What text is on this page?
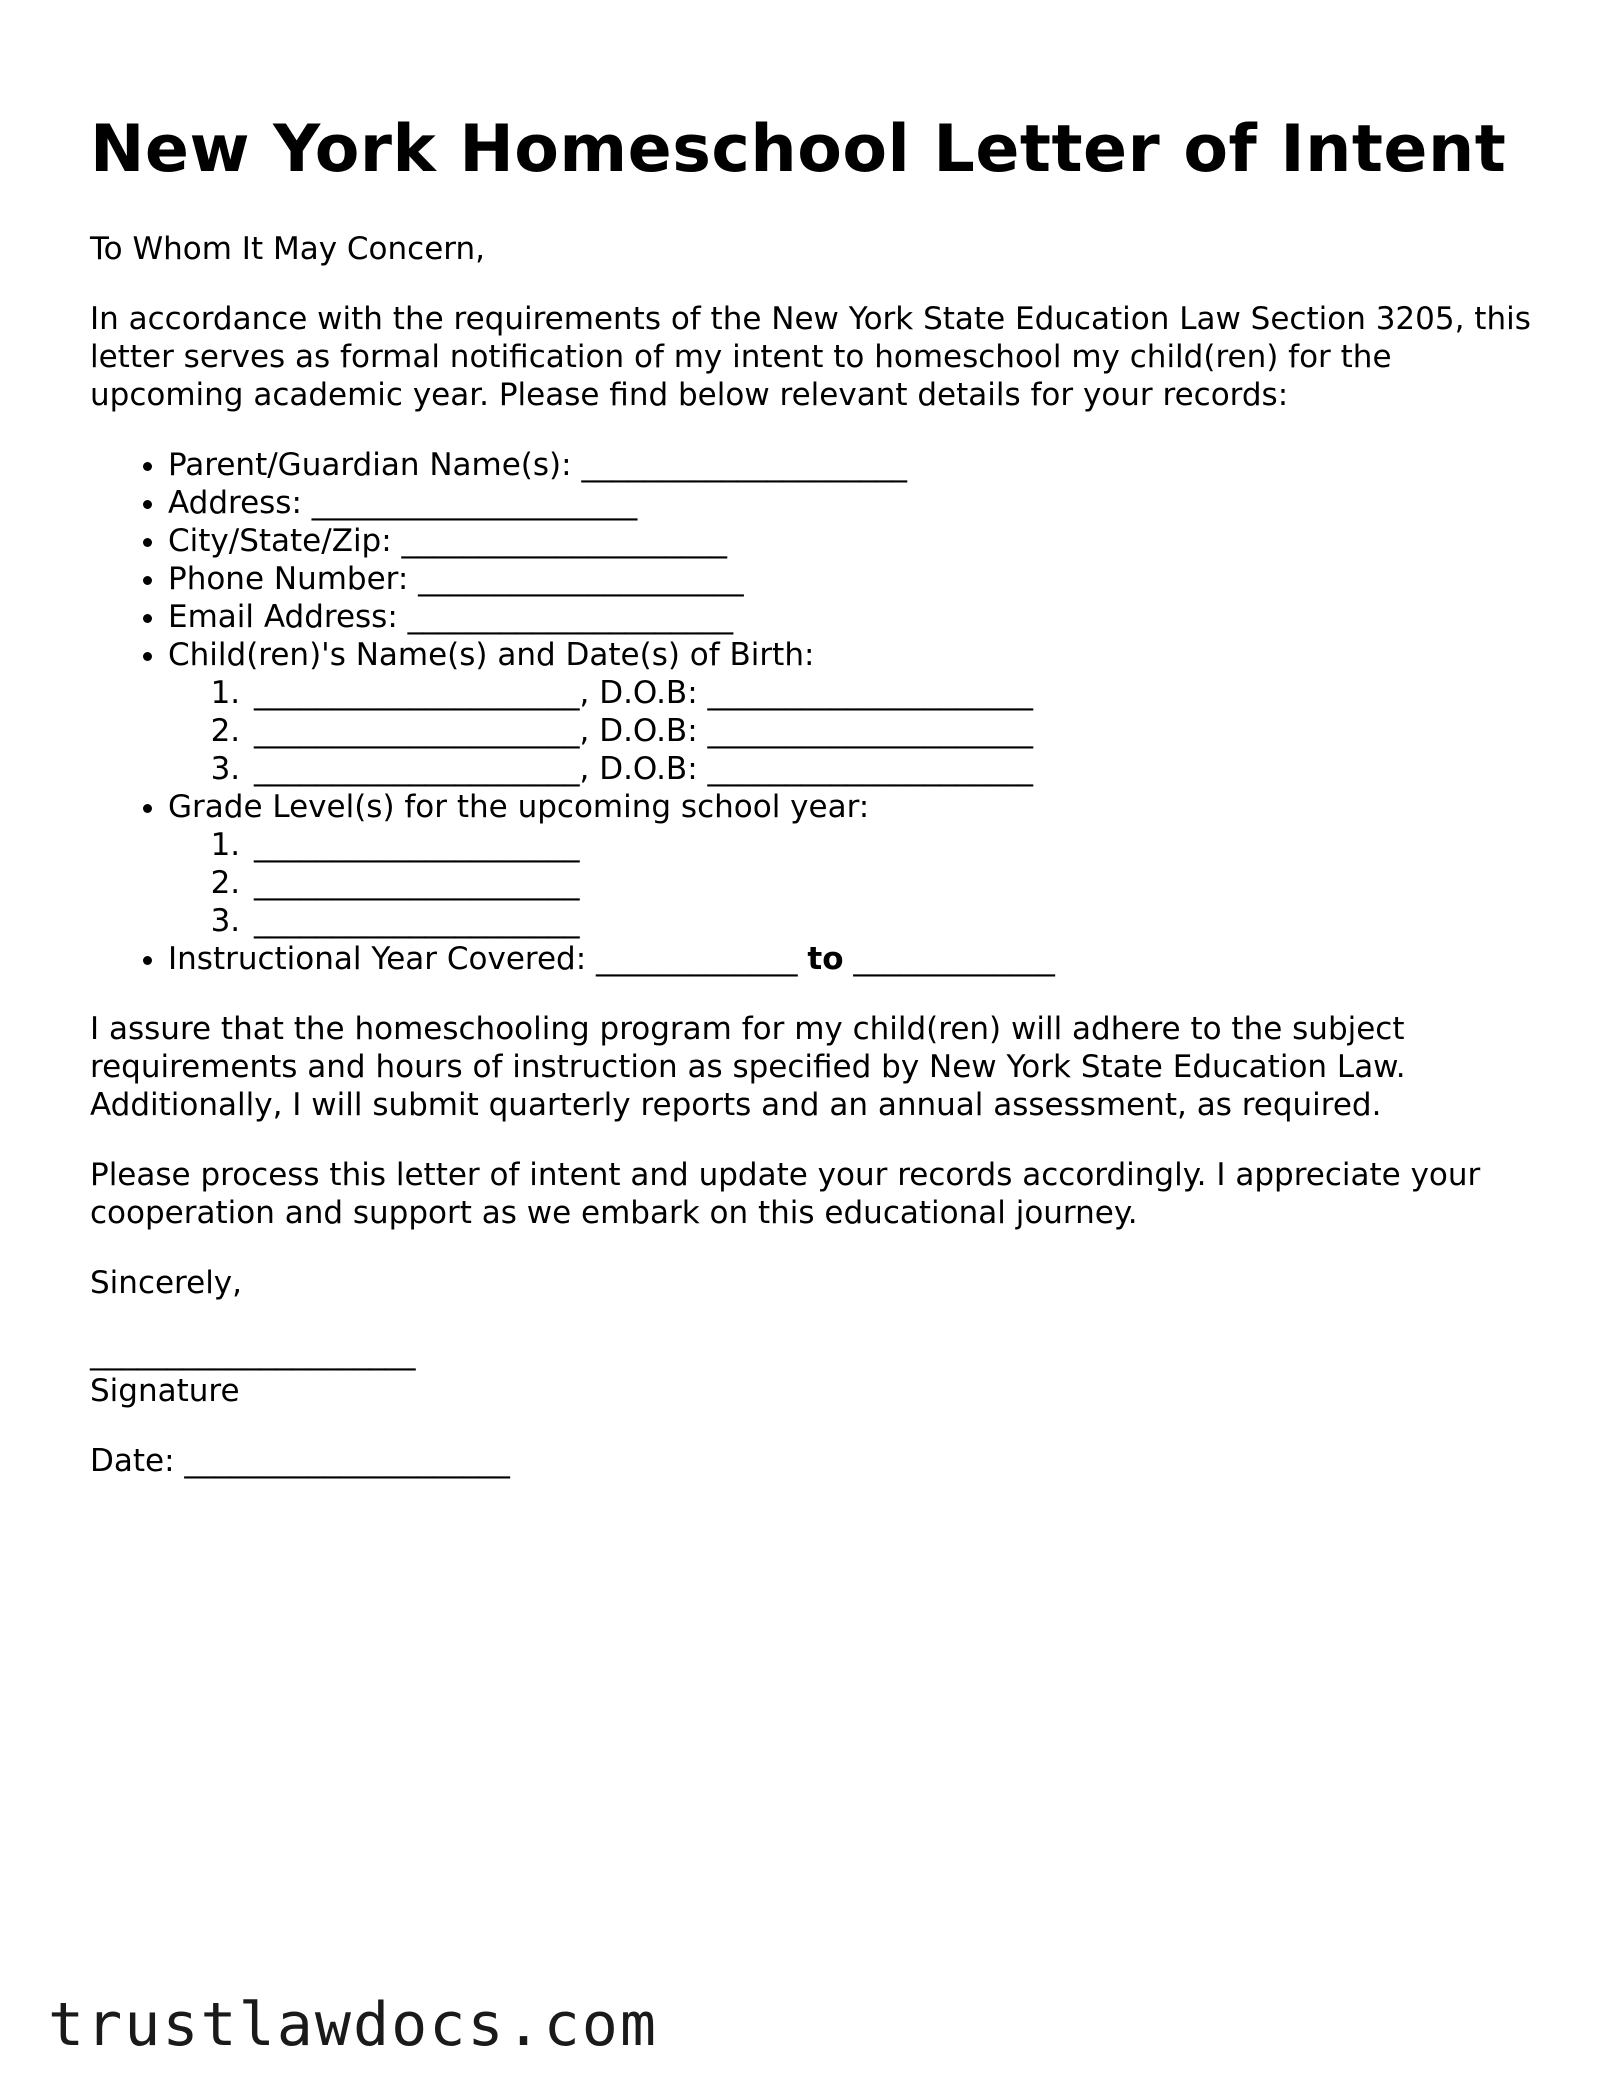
New York Homeschool Letter of Intent

To Whom It May Concern,

In accordance with the requirements of the New York State Education Law Section 3205, this letter serves as formal notification of my intent to homeschool my child(ren) for the upcoming academic year. Please find below relevant details for your records:

• Parent/Guardian Name(s): _____________________
• Address: _____________________
• City/State/Zip: _____________________
• Phone Number: _____________________
• Email Address: _____________________
• Child(ren)'s Name(s) and Date(s) of Birth:
1. _____________________, D.O.B: _____________________
2. _____________________, D.O.B: _____________________
3. _____________________, D.O.B: _____________________
• Grade Level(s) for the upcoming school year:
1. _____________________
2. _____________________
3. _____________________
• Instructional Year Covered: _____________ to _____________

I assure that the homeschooling program for my child(ren) will adhere to the subject requirements and hours of instruction as specified by New York State Education Law. Additionally, I will submit quarterly reports and an annual assessment, as required.

Please process this letter of intent and update your records accordingly. I appreciate your cooperation and support as we embark on this educational journey.

Sincerely,

_____________________
Signature
Date: _____________________
trustlawdocs.com
